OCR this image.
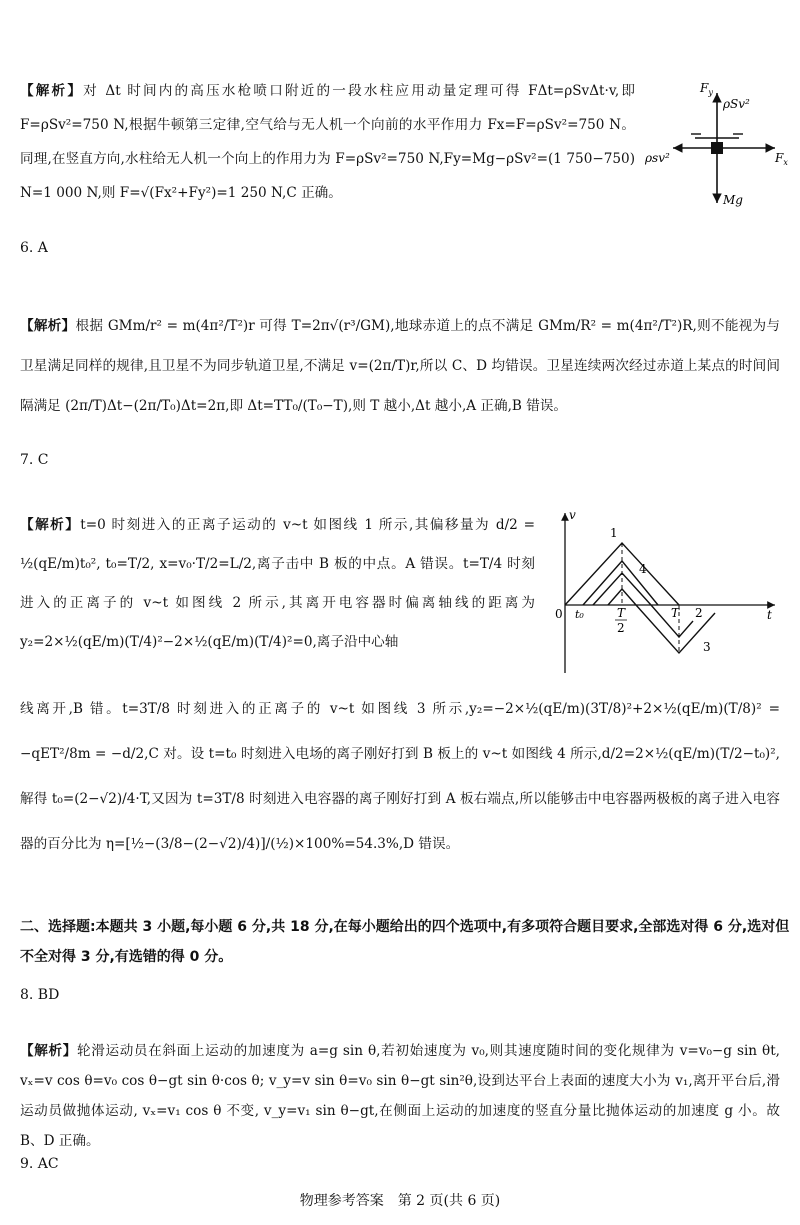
【解析】对 Δt 时间内的高压水枪喷口附近的一段水柱应用动量定理可得 FΔt=ρSvΔt·v,即 F=ρSv²=750 N,根据牛顿第三定律,空气给与无人机一个向前的水平作用力 Fx=F=ρSv²=750 N。同理,在竖直方向,水柱给无人机一个向上的作用力为 F=ρSv²=750 N,Fy=Mg−ρSv²=(1 750−750) N=1 000 N,则 F=√(Fx²+Fy²)=1 250 N,C 正确。
$F_y$
ρSv²
ρsv²	$F_x$
Mg
6. A
【解析】根据 GMm/r² = m(4π²/T²)r 可得 T=2π√(r³/GM),地球赤道上的点不满足 GMm/R² = m(4π²/T²)R,则不能视为与卫星满足同样的规律,且卫星不为同步轨道卫星,不满足 v=(2π/T)r,所以 C、D 均错误。卫星连续两次经过赤道上某点的时间间隔满足 (2π/T)Δt−(2π/T₀)Δt=2π,即 Δt=TT₀/(T₀−T),则 T 越小,Δt 越小,A 正确,B 错误。
7. C
【解析】t=0 时刻进入的正离子运动的 v~t 如图线 1 所示,其偏移量为 d/2 = ½(qE/m)t₀², t₀=T/2, x=v₀·T/2=L/2,离子击中 B 板的中点。A 错误。t=T/4 时刻进入的正离子的 v~t 如图线 2 所示,其离开电容器时偏离轴线的距离为 y₂=2×½(qE/m)(T/4)²−2×½(qE/m)(T/4)²=0,离子沿中心轴
v
t
0 t₀	T
2
T
1
4
2
3
线离开,B 错。t=3T/8 时刻进入的正离子的 v~t 如图线 3 所示,y₂=−2×½(qE/m)(3T/8)²+2×½(qE/m)(T/8)² = −qET²/8m = −d/2,C 对。设 t=t₀ 时刻进入电场的离子刚好打到 B 板上的 v~t 如图线 4 所示,d/2=2×½(qE/m)(T/2−t₀)²,解得 t₀=(2−√2)/4·T,又因为 t=3T/8 时刻进入电容器的离子刚好打到 A 板右端点,所以能够击中电容器两极板的离子进入电容器的百分比为 η=[½−(3/8−(2−√2)/4)]/(½)×100%=54.3%,D 错误。
二、选择题:本题共 3 小题,每小题 6 分,共 18 分,在每小题给出的四个选项中,有多项符合题目要求,全部选对得 6 分,选对但不全对得 3 分,有选错的得 0 分。
8. BD
【解析】轮滑运动员在斜面上运动的加速度为 a=g sin θ,若初始速度为 v₀,则其速度随时间的变化规律为 v=v₀−g sin θt, vₓ=v cos θ=v₀ cos θ−gt sin θ·cos θ; v_y=v sin θ=v₀ sin θ−gt sin²θ,设到达平台上表面的速度大小为 v₁,离开平台后,滑运动员做抛体运动, vₓ=v₁ cos θ 不变, v_y=v₁ sin θ−gt,在侧面上运动的加速度的竖直分量比抛体运动的加速度 g 小。故 B、D 正确。
9. AC
物理参考答案　第 2 页(共 6 页)
